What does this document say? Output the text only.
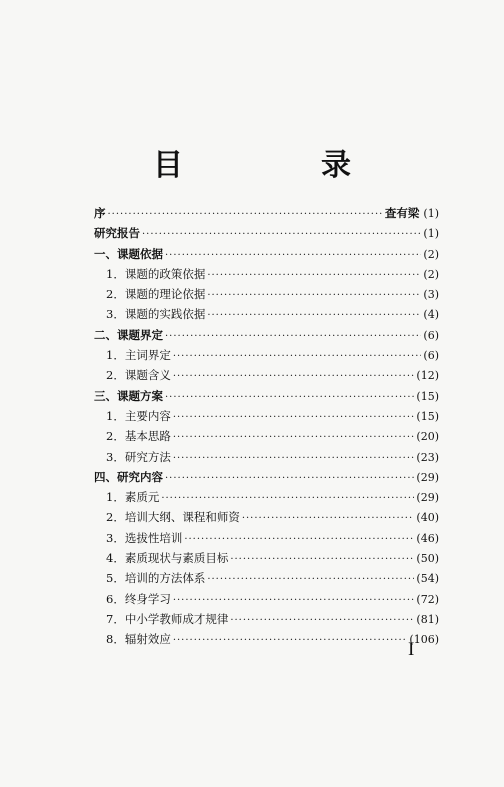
目　录
序 ·····	查有梁 (1)
研究报告 ·····	(1)
一、课题依据 ·····	(2)
1．课题的政策依据 ·····	(2)
2．课题的理论依据 ·····	(3)
3．课题的实践依据 ·····	(4)
二、课题界定 ·····	(6)
1．主词界定 ·····	(6)
2．课题含义 ·····	(12)
三、课题方案 ·····	(15)
1．主要内容 ·····	(15)
2．基本思路 ·····	(20)
3．研究方法 ·····	(23)
四、研究内容 ·····	(29)
1．素质元 ·····	(29)
2．培训大纲、课程和师资 ·····	(40)
3．选拔性培训 ·····	(46)
4．素质现状与素质目标 ·····	(50)
5．培训的方法体系 ·····	(54)
6．终身学习 ·····	(72)
7．中小学教师成才规律 ·····	(81)
8．辐射效应 ·····	(106)
I
